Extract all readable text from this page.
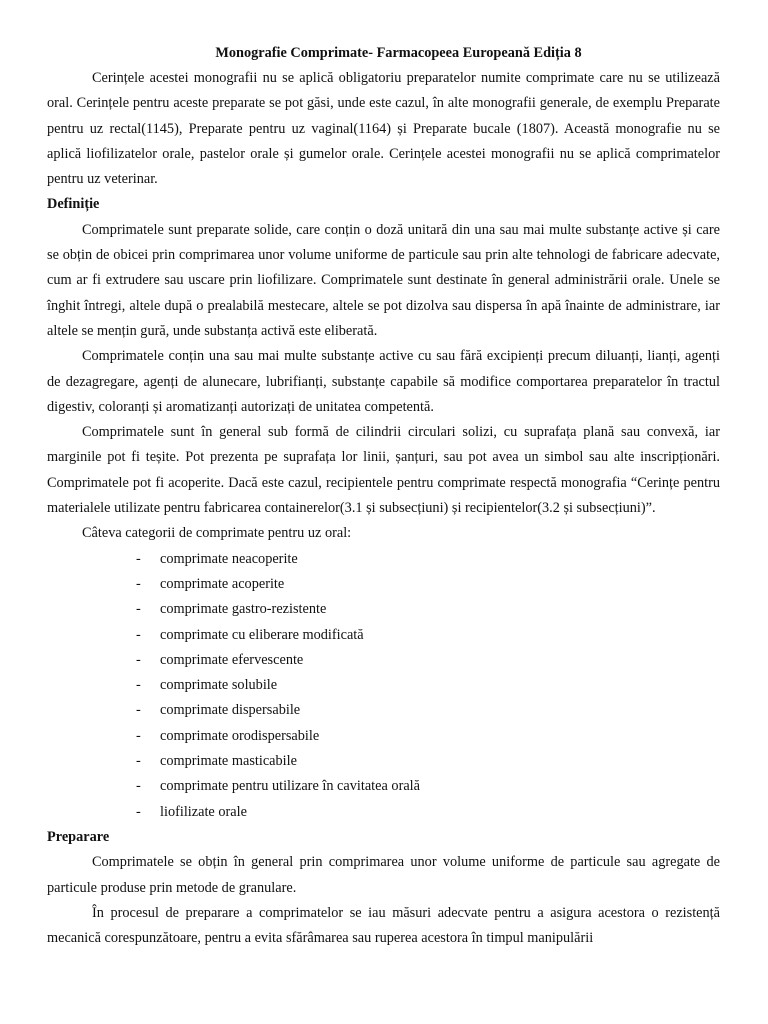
Monografie Comprimate- Farmacopeea Europeană Ediția 8

Cerințele acestei monografii nu se aplică obligatoriu preparatelor numite comprimate care nu se utilizează oral. Cerințele pentru aceste preparate se pot găsi, unde este cazul, în alte monografii generale, de exemplu Preparate pentru uz rectal(1145), Preparate pentru uz vaginal(1164) și Preparate bucale (1807). Această monografie nu se aplică liofilizatelor orale, pastelor orale și gumelor orale. Cerințele acestei monografii nu se aplică comprimatelor pentru uz veterinar.

Definiție

Comprimatele sunt preparate solide, care conțin o doză unitară din una sau mai multe substanțe active și care se obțin de obicei prin comprimarea unor volume uniforme de particule sau prin alte tehnologi de fabricare adecvate, cum ar fi extrudere sau uscare prin liofilizare. Comprimatele sunt destinate în general administrării orale. Unele se înghit întregi, altele după o prealabilă mestecare, altele se pot dizolva sau dispersa în apă înainte de administrare, iar altele se mențin gură, unde substanța activă este eliberată.

Comprimatele conțin una sau mai multe substanțe active cu sau fără excipienți precum diluanți, lianți, agenți de dezagregare, agenți de alunecare, lubrifianți, substanțe capabile să modifice comportarea preparatelor în tractul digestiv, coloranți și aromatizanți autorizați de unitatea competentă.

Comprimatele sunt în general sub formă de cilindrii circulari solizi, cu suprafața plană sau convexă, iar marginile pot fi teșite. Pot prezenta pe suprafața lor linii, șanțuri, sau pot avea un simbol sau alte inscripționări. Comprimatele pot fi acoperite. Dacă este cazul, recipientele pentru comprimate respectă monografia “Cerințe pentru materialele utilizate pentru fabricarea containerelor(3.1 și subsecțiuni) și recipientelor(3.2 și subsecțiuni)”.

Câteva categorii de comprimate pentru uz oral:

- comprimate neacoperite
- comprimate acoperite
- comprimate gastro-rezistente
- comprimate cu eliberare modificată
- comprimate efervescente
- comprimate solubile
- comprimate dispersabile
- comprimate orodispersabile
- comprimate masticabile
- comprimate pentru utilizare în cavitatea orală
- liofilizate orale
Preparare

Comprimatele se obțin în general prin comprimarea unor volume uniforme de particule sau agregate de particule produse prin metode de granulare.

În procesul de preparare a comprimatelor se iau măsuri adecvate pentru a asigura acestora o rezistență mecanică corespunzătoare, pentru a evita sfărâmarea sau ruperea acestora în timpul manipulării
